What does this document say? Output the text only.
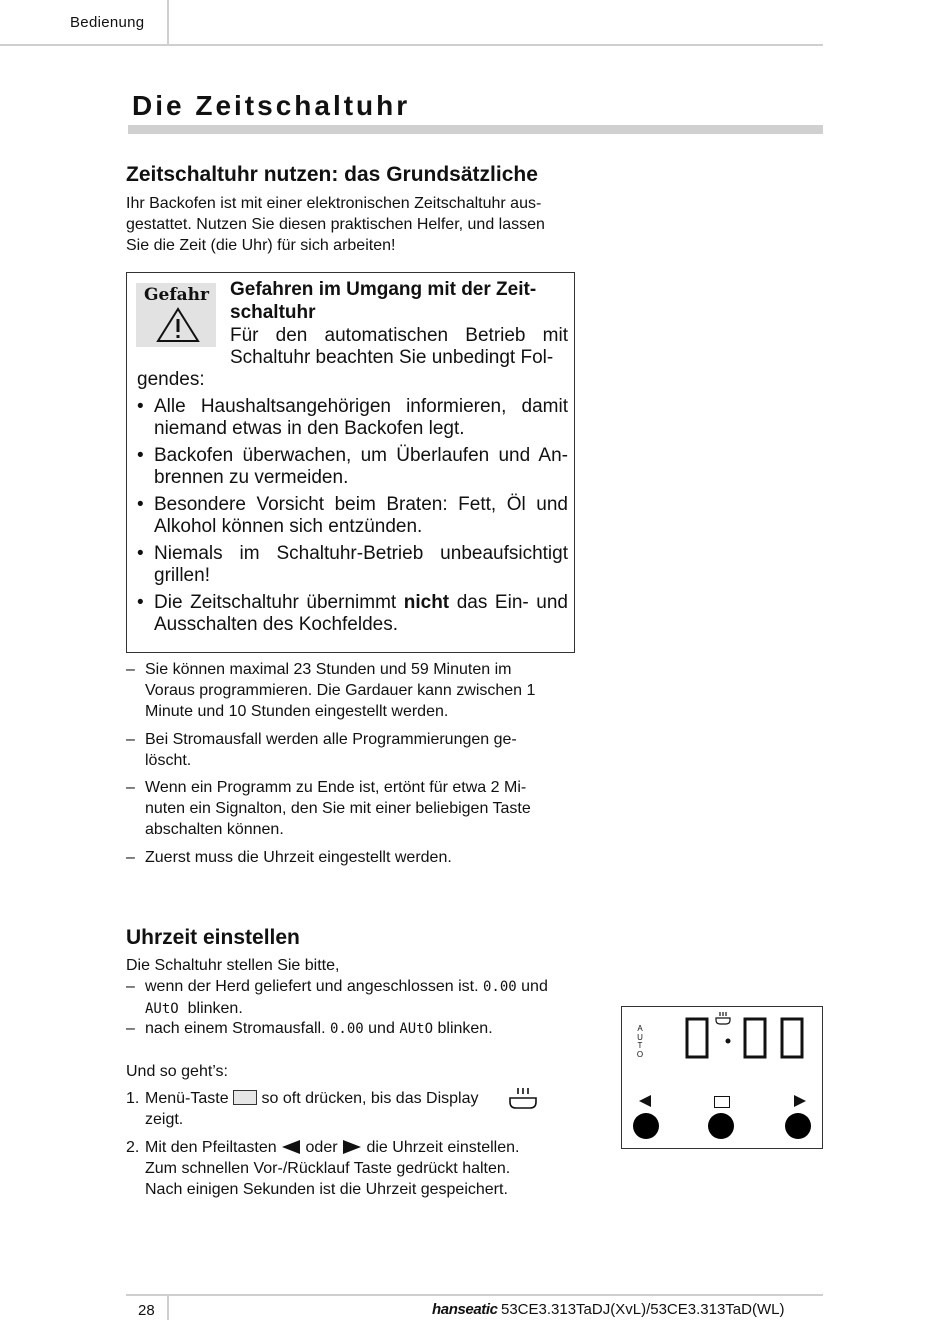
Bedienung
Die Zeitschaltuhr
Zeitschaltuhr nutzen: das Grundsätzliche
Ihr Backofen ist mit einer elektronischen Zeitschaltuhr aus-
gestattet. Nutzen Sie diesen praktischen Helfer, und lassen
Sie die Zeit (die Uhr) für sich arbeiten!
Gefahr Gefahren im Umgang mit der Zeit-
schaltuhr
Für den automatischen Betrieb mit Schaltuhr beachten Sie unbedingt Fol-
gendes:
• Alle Haushaltsangehörigen informieren, damit niemand etwas in den Backofen legt.
• Backofen überwachen, um Überlaufen und An- brennen zu vermeiden.
• Besondere Vorsicht beim Braten: Fett, Öl und Alkohol können sich entzünden.
• Niemals im Schaltuhr-Betrieb unbeaufsichtigt grillen!
• Die Zeitschaltuhr übernimmt nicht das Ein- und Ausschalten des Kochfeldes.
– Sie können maximal 23 Stunden und 59 Minuten im
Voraus programmieren. Die Gardauer kann zwischen 1
Minute und 10 Stunden eingestellt werden.
– Bei Stromausfall werden alle Programmierungen ge-
löscht.
– Wenn ein Programm zu Ende ist, ertönt für etwa 2 Mi-
nuten ein Signalton, den Sie mit einer beliebigen Taste
abschalten können.
– Zuerst muss die Uhrzeit eingestellt werden.
Uhrzeit einstellen
Die Schaltuhr stellen Sie bitte,
– wenn der Herd geliefert und angeschlossen ist. 0.00 und
AUtO blinken.
– nach einem Stromausfall. 0.00 und AUtO blinken.
Und so geht’s:
1. Menü-Taste so oft drücken, bis das Display
zeigt.
2. Mit den Pfeiltasten oder die Uhrzeit einstellen.
Zum schnellen Vor-/Rücklauf Taste gedrückt halten.
Nach einigen Sekunden ist die Uhrzeit gespeichert.
A
U
T
O
28	hanseatic 53CE3.313TaDJ(XvL)/53CE3.313TaD(WL)
